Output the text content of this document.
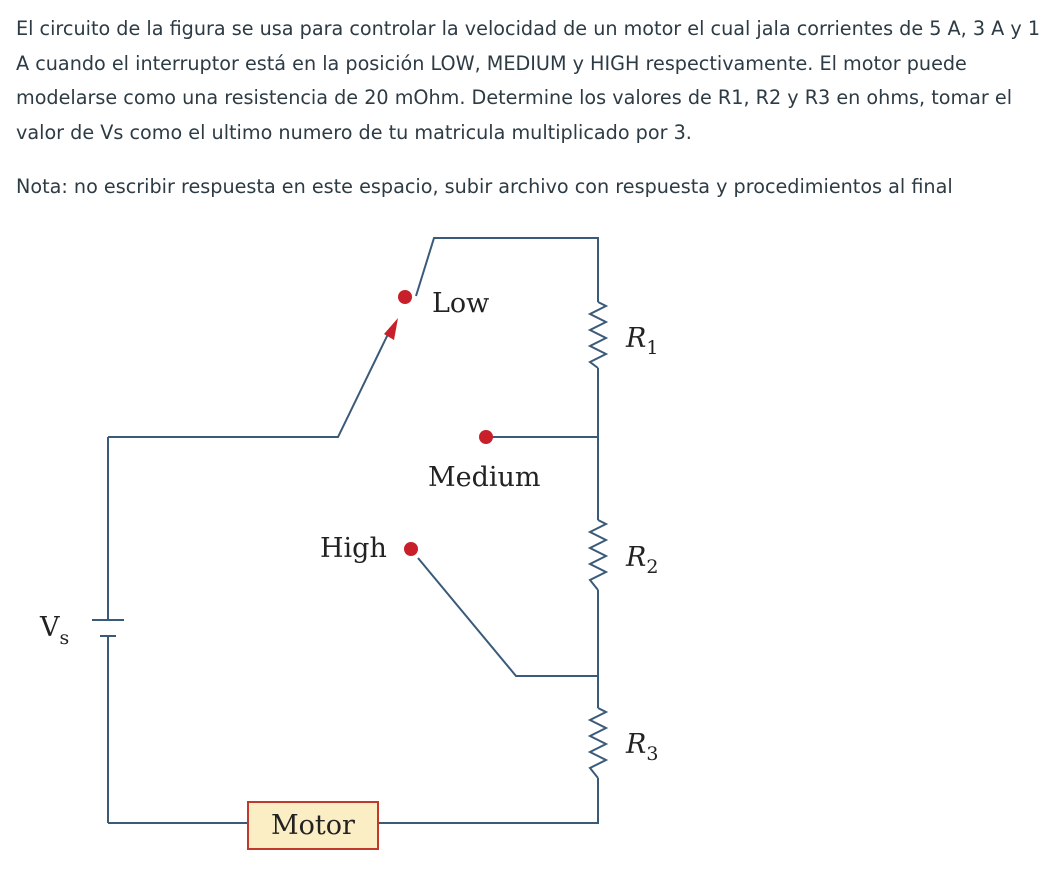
El circuito de la figura se usa para controlar la velocidad de un motor el cual jala corrientes de 5 A, 3 A y 1 A cuando el interruptor está en la posición LOW, MEDIUM y HIGH respectivamente. El motor puede modelarse como una resistencia de 20 mOhm. Determine los valores de R1, R2 y R3 en ohms, tomar el valor de Vs como el ultimo numero de tu matricula multiplicado por 3.

Nota: no escribir respuesta en este espacio, subir archivo con respuesta y procedimientos al final

Low
Medium
High
$R_1$
$R_2$
$R_3$
$V_s$
Motor
